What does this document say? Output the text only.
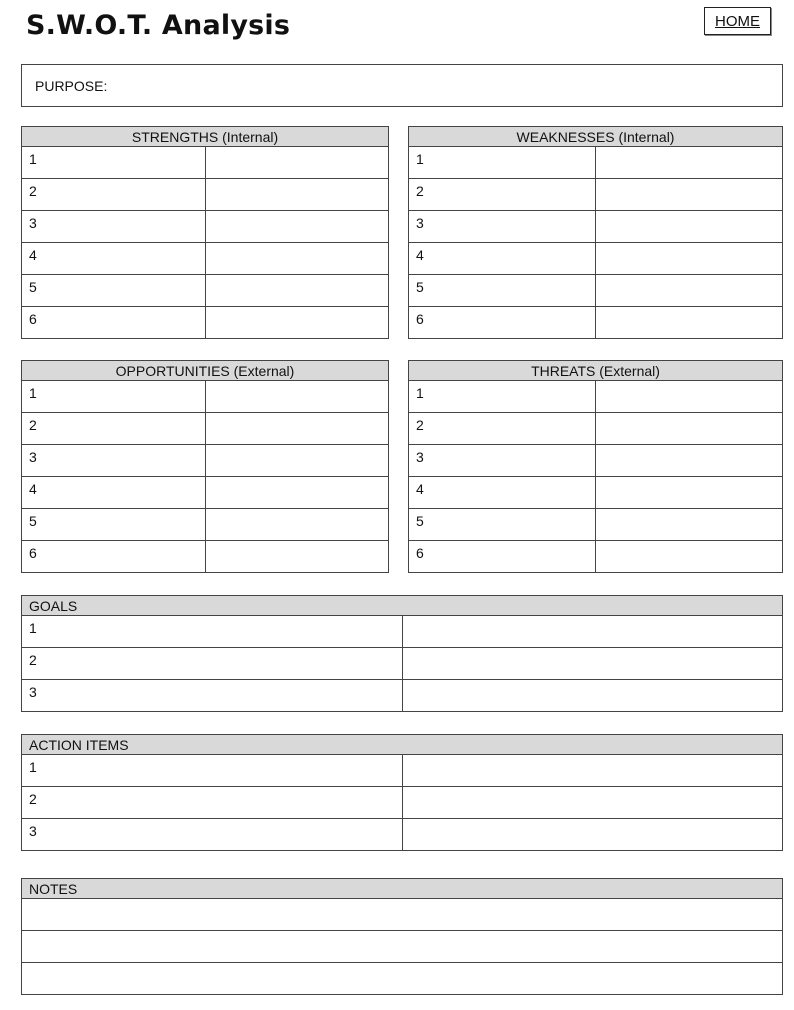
S.W.O.T. Analysis	HOME
PURPOSE:
STRENGTHS (Internal)	
1	
2	
3	
4	
5	
6	
WEAKNESSES (Internal)	
1	
2	
3	
4	
5	
6	
OPPORTUNITIES (External)	
1	
2	
3	
4	
5	
6	
THREATS (External)	
1	
2	
3	
4	
5	
6	
GOALS	
1	
2	
3	
ACTION ITEMS	
1	
2	
3	
NOTES
